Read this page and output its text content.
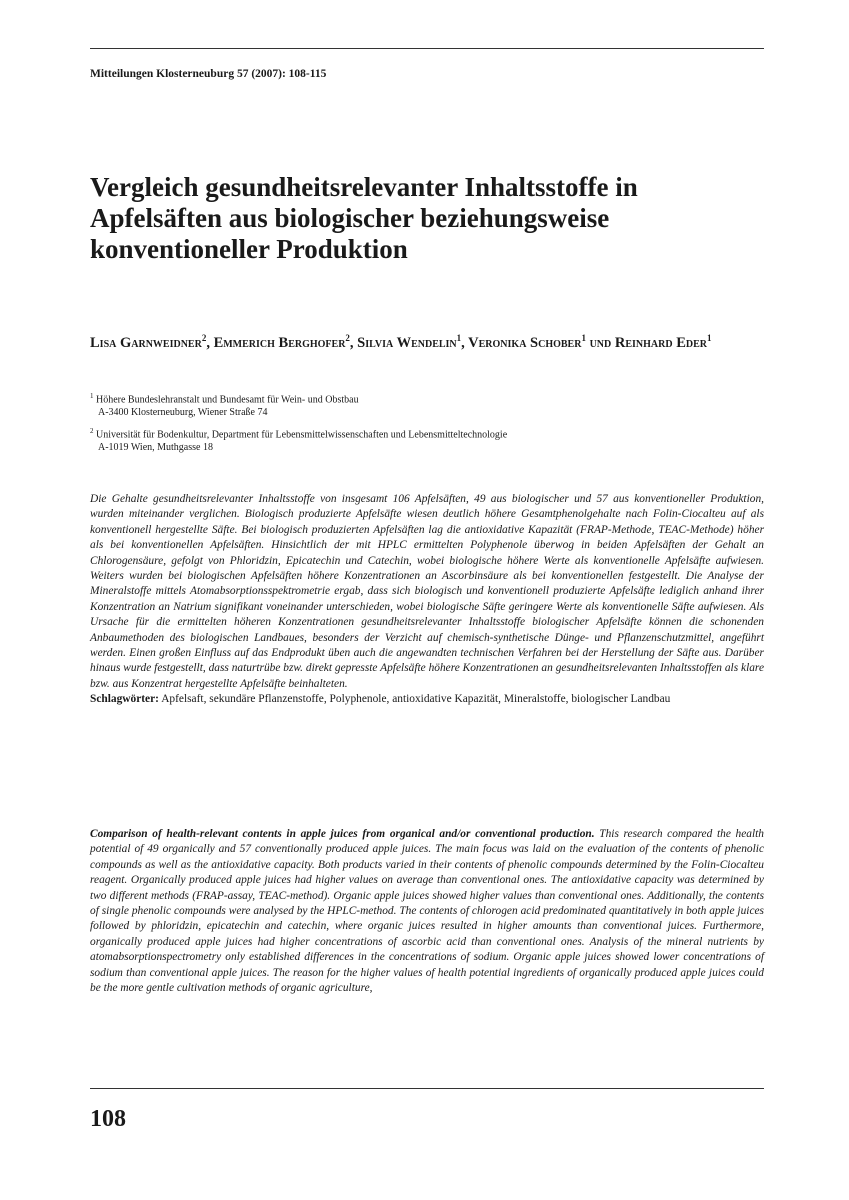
Mitteilungen Klosterneuburg 57 (2007): 108-115
Vergleich gesundheitsrelevanter Inhaltsstoffe in Apfelsäften aus biologischer beziehungsweise konventioneller Produktion
Lisa Garnweidner$^2$, Emmerich Berghofer$^2$, Silvia Wendelin$^1$, Veronika Schober$^1$ und Reinhard Eder$^1$
$^1$ Höhere Bundeslehranstalt und Bundesamt für Wein- und Obstbau
A-3400 Klosterneuburg, Wiener Straße 74
$^2$ Universität für Bodenkultur, Department für Lebensmittelwissenschaften und Lebensmitteltechnologie
A-1019 Wien, Muthgasse 18

Die Gehalte gesundheitsrelevanter Inhaltsstoffe von insgesamt 106 Apfelsäften, 49 aus biologischer und 57 aus konventioneller Produktion, wurden miteinander verglichen. Biologisch produzierte Apfelsäfte wiesen deutlich höhere Gesamtphenolgehalte nach Folin-Ciocalteu auf als konventionell hergestellte Säfte. Bei biologisch produzierten Apfelsäften lag die antioxidative Kapazität (FRAP-Methode, TEAC-Methode) höher als bei konventionellen Apfelsäften. Hinsichtlich der mit HPLC ermittelten Polyphenole überwog in beiden Apfelsäften der Gehalt an Chlorogensäure, gefolgt von Phloridzin, Epicatechin und Catechin, wobei biologische höhere Werte als konventionelle Apfelsäfte aufwiesen. Weiters wurden bei biologischen Apfelsäften höhere Konzentrationen an Ascorbinsäure als bei konventionellen festgestellt. Die Analyse der Mineralstoffe mittels Atomabsorptionsspektrometrie ergab, dass sich biologisch und konventionell produzierte Apfelsäfte lediglich anhand ihrer Konzentration an Natrium signifikant voneinander unterschieden, wobei biologische Säfte geringere Werte als konventionelle Säfte aufwiesen. Als Ursache für die ermittelten höheren Konzentrationen gesundheitsrelevanter Inhaltsstoffe biologischer Apfelsäfte können die schonenden Anbaumethoden des biologischen Landbaues, besonders der Verzicht auf chemisch-synthetische Dünge- und Pflanzenschutzmittel, angeführt werden. Einen großen Einfluss auf das Endprodukt üben auch die angewandten technischen Verfahren bei der Herstellung der Säfte aus. Darüber hinaus wurde festgestellt, dass naturtrübe bzw. direkt gepresste Apfelsäfte höhere Konzentrationen an gesundheitsrelevanten Inhaltsstoffen als klare bzw. aus Konzentrat hergestellte Apfelsäfte beinhalteten.

Schlagwörter: Apfelsaft, sekundäre Pflanzenstoffe, Polyphenole, antioxidative Kapazität, Mineralstoffe, biologischer Landbau

Comparison of health-relevant contents in apple juices from organical and/or conventional production. This research compared the health potential of 49 organically and 57 conventionally produced apple juices. The main focus was laid on the evaluation of the contents of phenolic compounds as well as the antioxidative capacity. Both products varied in their contents of phenolic compounds determined by the Folin-Ciocalteu reagent. Organically produced apple juices had higher values on average than conventional ones. The antioxidative capacity was determined by two different methods (FRAP-assay, TEAC-method). Organic apple juices showed higher values than conventional ones. Additionally, the contents of single phenolic compounds were analysed by the HPLC-method. The contents of chlorogen acid predominated quantitatively in both apple juices followed by phloridzin, epicatechin and catechin, where organic juices resulted in higher amounts than conventional juices. Furthermore, organically produced apple juices had higher concentrations of ascorbic acid than conventional ones. Analysis of the mineral nutrients by atomabsorptionspectrometry only established differences in the concentrations of sodium. Organic apple juices showed lower concentrations of sodium than conventional apple juices. The reason for the higher values of health potential ingredients of organically produced apple juices could be the more gentle cultivation methods of organic agriculture,

108
